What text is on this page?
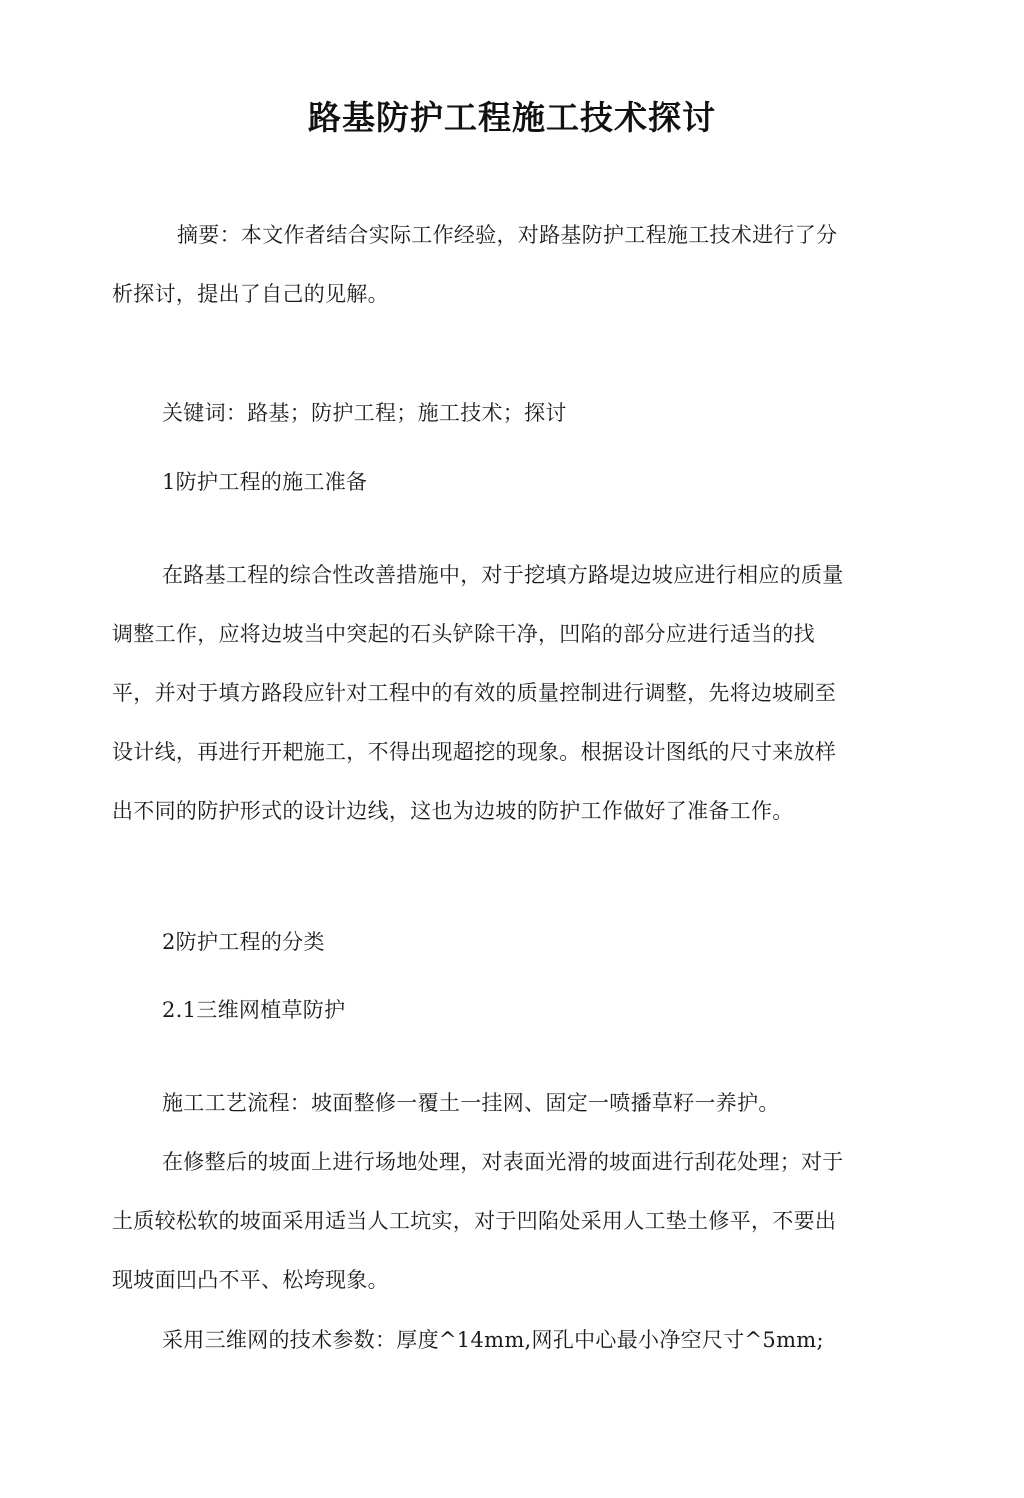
路基防护工程施工技术探讨

摘要：本文作者结合实际工作经验，对路基防护工程施工技术进行了分析探讨，提出了自己的见解。

关键词：路基；防护工程；施工技术；探讨

1防护工程的施工准备

在路基工程的综合性改善措施中，对于挖填方路堤边坡应进行相应的质量调整工作，应将边坡当中突起的石头铲除干净，凹陷的部分应进行适当的找平，并对于填方路段应针对工程中的有效的质量控制进行调整，先将边坡刷至设计线，再进行开耙施工，不得出现超挖的现象。根据设计图纸的尺寸来放样出不同的防护形式的设计边线，这也为边坡的防护工作做好了准备工作。

2防护工程的分类

2.1三维网植草防护

施工工艺流程：坡面整修一覆土一挂网、固定一喷播草籽一养护。

在修整后的坡面上进行场地处理，对表面光滑的坡面进行刮花处理；对于土质较松软的坡面采用适当人工坑实，对于凹陷处采用人工垫土修平，不要出现坡面凹凸不平、松垮现象。

采用三维网的技术参数：厚度^14mm,网孔中心最小净空尺寸^5mm;
